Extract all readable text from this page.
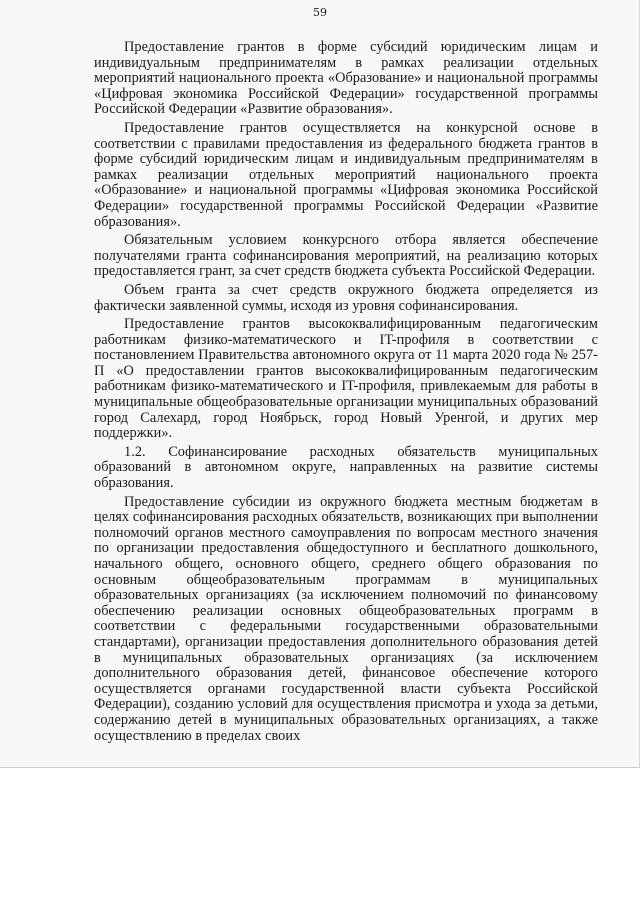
59

Предоставление грантов в форме субсидий юридическим лицам и индивидуальным предпринимателям в рамках реализации отдельных мероприятий национального проекта «Образование» и национальной программы «Цифровая экономика Российской Федерации» государственной программы Российской Федерации «Развитие образования».

Предоставление грантов осуществляется на конкурсной основе в соответствии с правилами предоставления из федерального бюджета грантов в форме субсидий юридическим лицам и индивидуальным предпринимателям в рамках реализации отдельных мероприятий национального проекта «Образование» и национальной программы «Цифровая экономика Российской Федерации» государственной программы Российской Федерации «Развитие образования».

Обязательным условием конкурсного отбора является обеспечение получателями гранта софинансирования мероприятий, на реализацию которых предоставляется грант, за счет средств бюджета субъекта Российской Федерации.

Объем гранта за счет средств окружного бюджета определяется из фактически заявленной суммы, исходя из уровня софинансирования.

Предоставление грантов высококвалифицированным педагогическим работникам физико-математического и IT-профиля в соответствии с постановлением Правительства автономного округа от 11 марта 2020 года № 257-П «О предоставлении грантов высококвалифицированным педагогическим работникам физико-математического и IT-профиля, привлекаемым для работы в муниципальные общеобразовательные организации муниципальных образований город Салехард, город Ноябрьск, город Новый Уренгой, и других мер поддержки».

1.2. Софинансирование расходных обязательств муниципальных образований в автономном округе, направленных на развитие системы образования.

Предоставление субсидии из окружного бюджета местным бюджетам в целях софинансирования расходных обязательств, возникающих при выполнении полномочий органов местного самоуправления по вопросам местного значения по организации предоставления общедоступного и бесплатного дошкольного, начального общего, основного общего, среднего общего образования по основным общеобразовательным программам в муниципальных образовательных организациях (за исключением полномочий по финансовому обеспечению реализации основных общеобразовательных программ в соответствии с федеральными государственными образовательными стандартами), организации предоставления дополнительного образования детей в муниципальных образовательных организациях (за исключением дополнительного образования детей, финансовое обеспечение которого осуществляется органами государственной власти субъекта Российской Федерации), созданию условий для осуществления присмотра и ухода за детьми, содержанию детей в муниципальных образовательных организациях, а также осуществлению в пределах своих
